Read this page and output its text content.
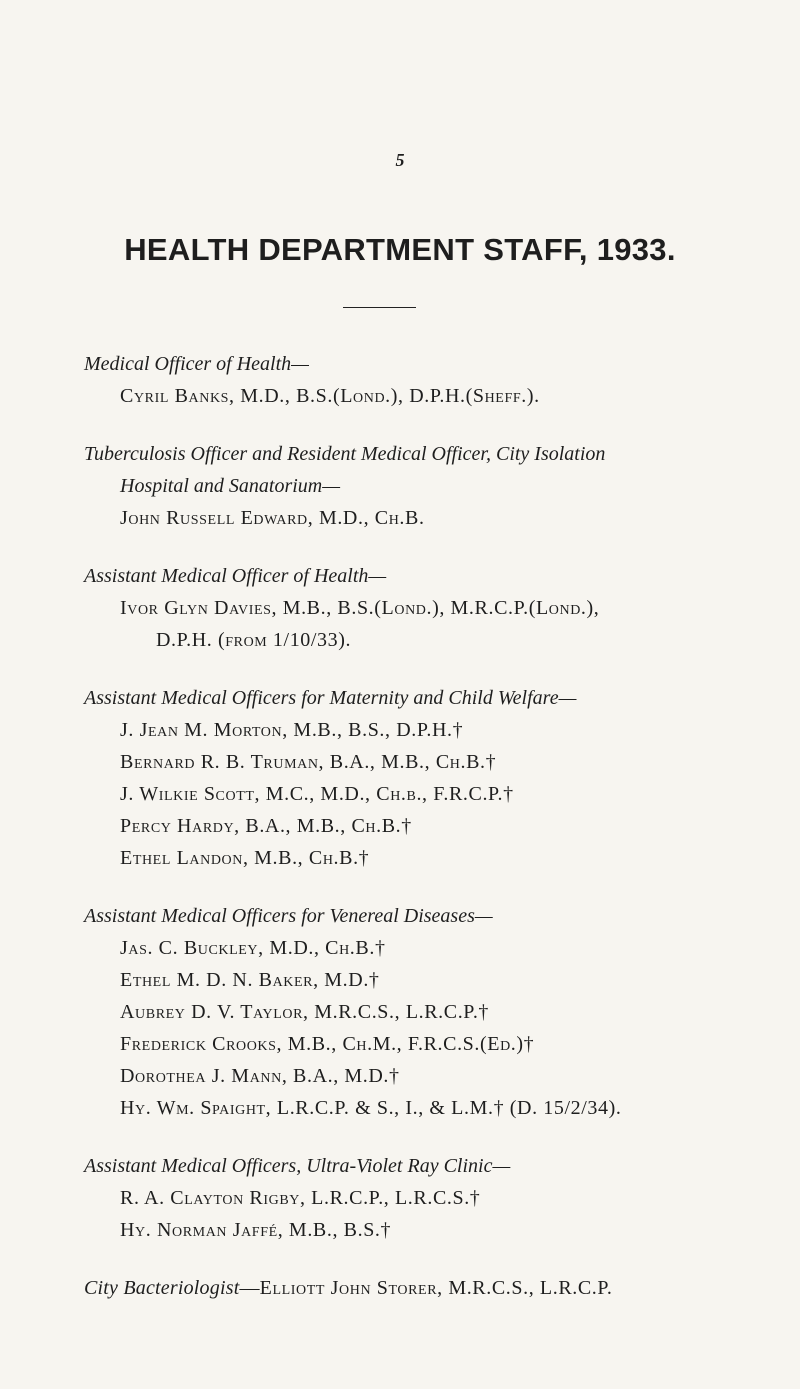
5
HEALTH DEPARTMENT STAFF, 1933.
Medical Officer of Health—
Cyril Banks, M.D., B.S.(Lond.), D.P.H.(Sheff.).
Tuberculosis Officer and Resident Medical Officer, City Isolation
Hospital and Sanatorium—
John Russell Edward, M.D., Ch.B.
Assistant Medical Officer of Health—
Ivor Glyn Davies, M.B., B.S.(Lond.), M.R.C.P.(Lond.),
D.P.H. (from 1/10/33).
Assistant Medical Officers for Maternity and Child Welfare—
J. Jean M. Morton, M.B., B.S., D.P.H.†
Bernard R. B. Truman, B.A., M.B., Ch.B.†
J. Wilkie Scott, M.C., M.D., Ch.b., F.R.C.P.†
Percy Hardy, B.A., M.B., Ch.B.†
Ethel Landon, M.B., Ch.B.†
Assistant Medical Officers for Venereal Diseases—
Jas. C. Buckley, M.D., Ch.B.†
Ethel M. D. N. Baker, M.D.†
Aubrey D. V. Taylor, M.R.C.S., L.R.C.P.†
Frederick Crooks, M.B., Ch.M., F.R.C.S.(Ed.)†
Dorothea J. Mann, B.A., M.D.†
Hy. Wm. Spaight, L.R.C.P. & S., I., & L.M.† (D. 15/2/34).
Assistant Medical Officers, Ultra-Violet Ray Clinic—
R. A. Clayton Rigby, L.R.C.P., L.R.C.S.†
Hy. Norman Jaffé, M.B., B.S.†
City Bacteriologist—Elliott John Storer, M.R.C.S., L.R.C.P.
